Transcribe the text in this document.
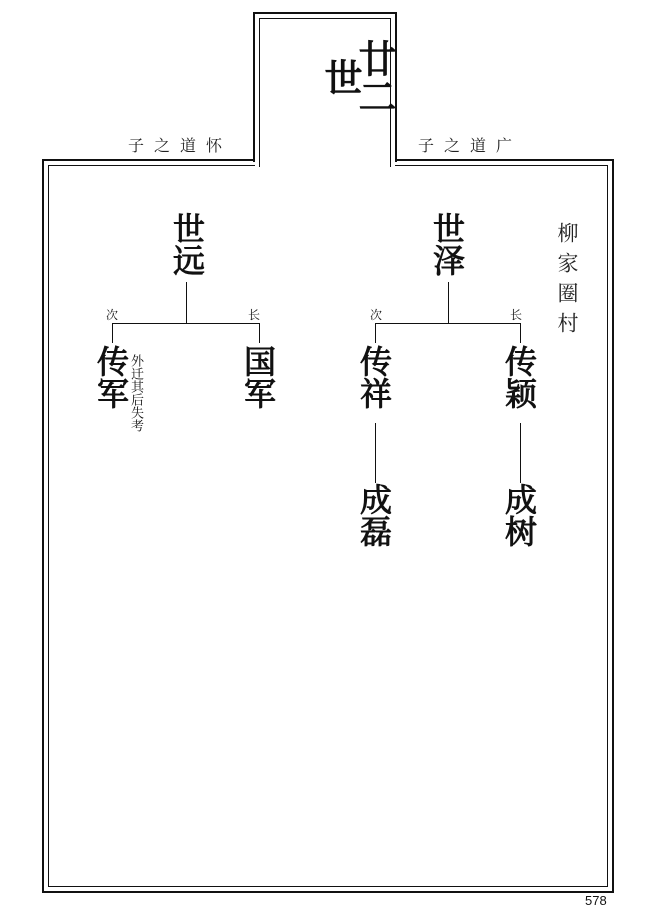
廿二世
子之道怀	子之道广
柳家圈村
世远
次	长
传军
外迁其后失考	国军
世泽
次	长
传祥
成磊
传颖
成树
578
